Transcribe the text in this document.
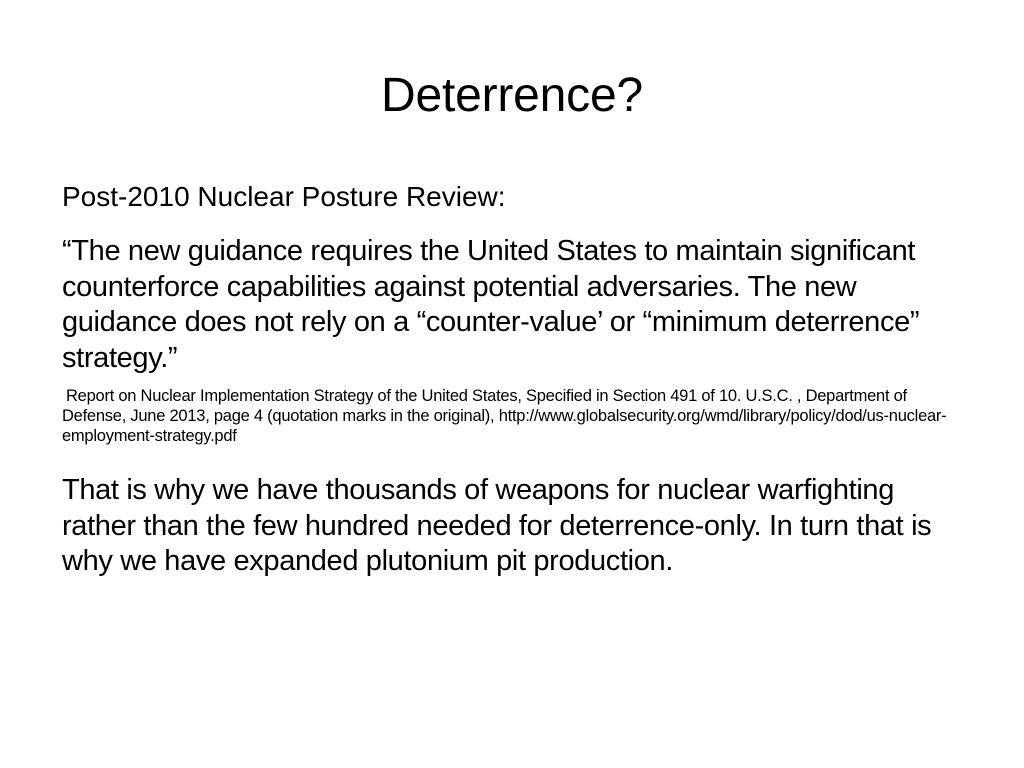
Deterrence?

Post-2010 Nuclear Posture Review:

“The new guidance requires the United States to maintain significant counterforce capabilities against potential adversaries. The new guidance does not rely on a “counter-value’ or “minimum deterrence” strategy.”

Report on Nuclear Implementation Strategy of the United States, Specified in Section 491 of 10. U.S.C. , Department of Defense, June 2013, page 4 (quotation marks in the original), http://www.globalsecurity.org/wmd/library/policy/dod/us-nuclear-employment-strategy.pdf

That is why we have thousands of weapons for nuclear warfighting rather than the few hundred needed for deterrence-only. In turn that is why we have expanded plutonium pit production.
